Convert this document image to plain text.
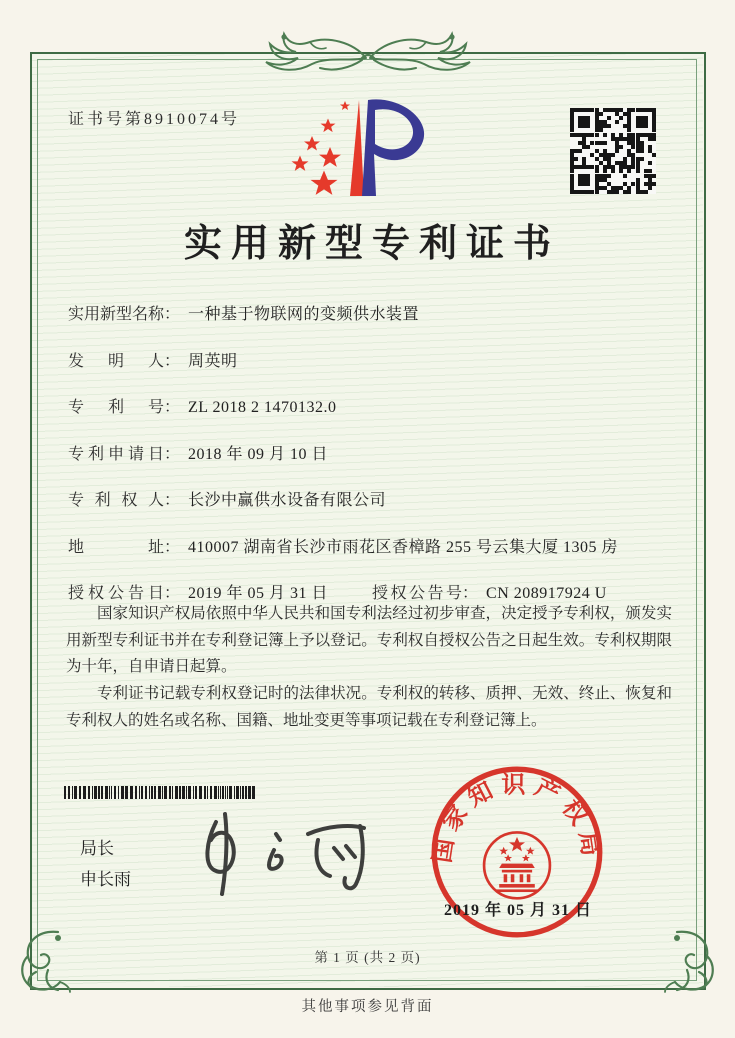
证书号第8910074号
实用新型专利证书
实用新型名称： 一种基于物联网的变频供水装置
发明人： 周英明
专利号： ZL 2018 2 1470132.0
专利申请日： 2018 年 09 月 10 日
专利权人： 长沙中赢供水设备有限公司
地址： 410007 湖南省长沙市雨花区香樟路 255 号云集大厦 1305 房
授权公告日： 2019 年 05 月 31 日	授权公告号： CN 208917924 U

国家知识产权局依照中华人民共和国专利法经过初步审查，决定授予专利权，颁发实用新型专利证书并在专利登记簿上予以登记。专利权自授权公告之日起生效。专利权期限为十年，自申请日起算。

专利证书记载专利权登记时的法律状况。专利权的转移、质押、无效、终止、恢复和专利权人的姓名或名称、国籍、地址变更等事项记载在专利登记簿上。

局长
申长雨
国家知识产权局
2019 年 05 月 31 日
第 1 页 (共 2 页)
其他事项参见背面
